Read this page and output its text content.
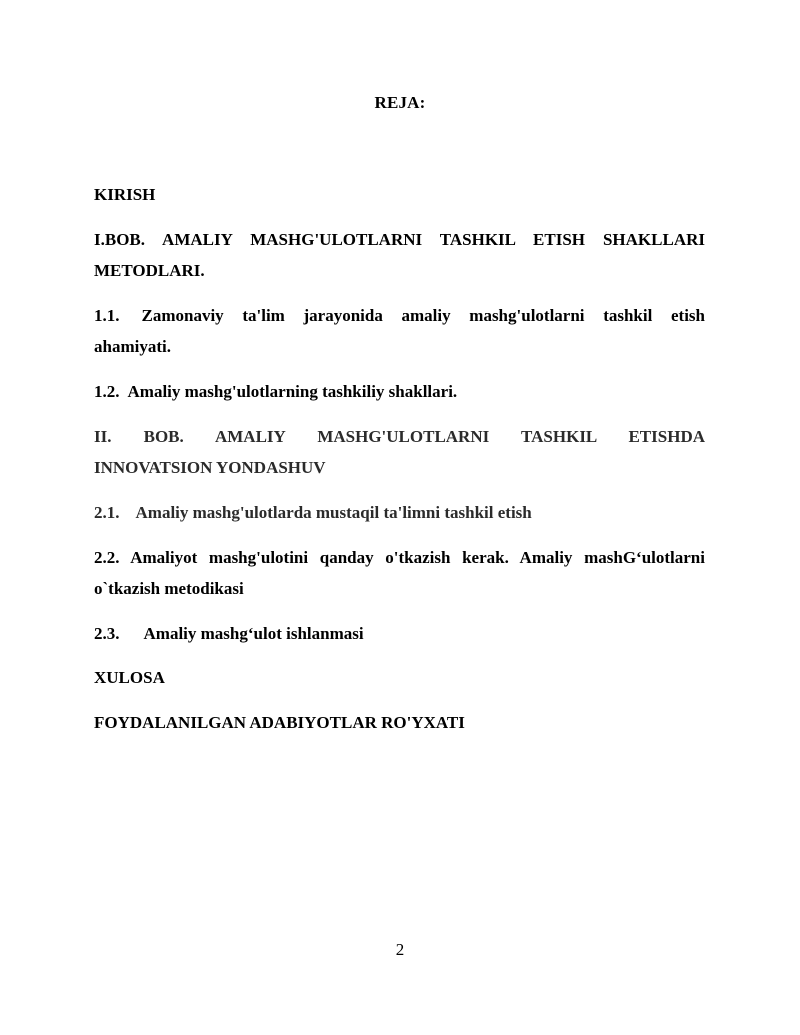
REJA:
KIRISH
I.BOB. AMALIY MASHG'ULOTLARNI TASHKIL ETISH SHAKLLARI
METODLARI.
1.1. Zamonaviy ta'lim jarayonida amaliy mashg'ulotlarni tashkil etish
ahamiyati.
1.2. Amaliy mashg'ulotlarning tashkiliy shakllari.
II. BOB. AMALIY MASHG'ULOTLARNI TASHKIL ETISHDA
INNOVATSION YONDASHUV
2.1. Amaliy mashg'ulotlarda mustaqil ta'limni tashkil etish
2.2. Amaliyot mashg'ulotini qanday o'tkazish kerak. Amaliy mashG‘ulotlarni
o`tkazish metodikasi
2.3. Amaliy mashg‘ulot ishlanmasi
XULOSA
FOYDALANILGAN ADABIYOTLAR RO'YXATI
2
